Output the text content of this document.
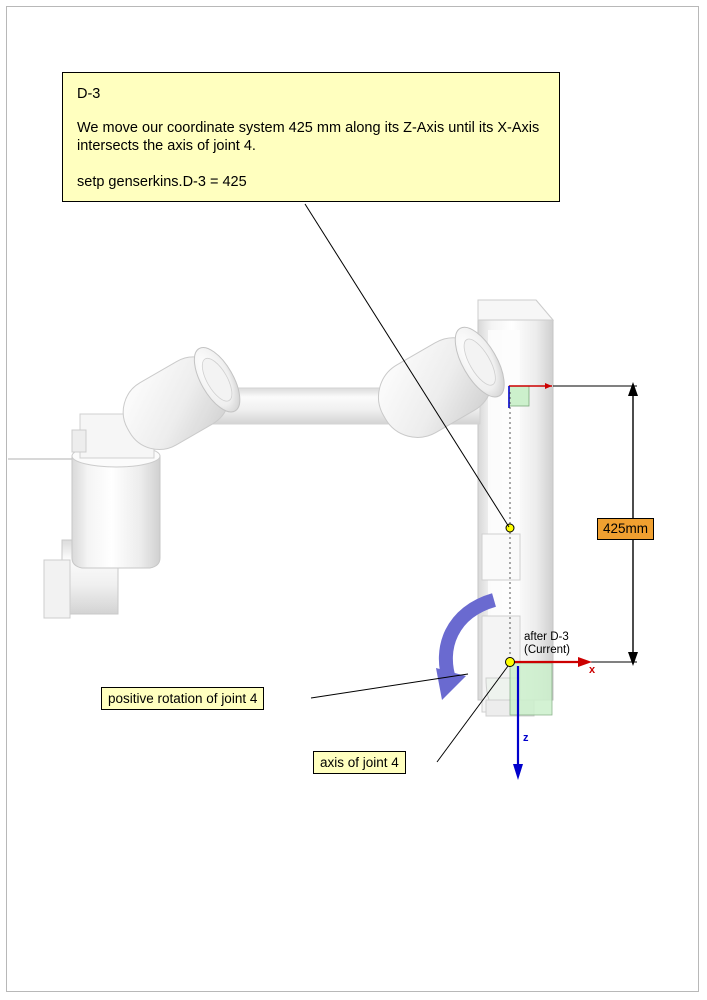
D-3

We move our coordinate system 425 mm along its Z-Axis until its X-Axis intersects the axis of joint 4.

setp genserkins.D-3 = 425

positive rotation of joint 4
axis of joint 4
425mm
after D-3
(Current)
x
z
